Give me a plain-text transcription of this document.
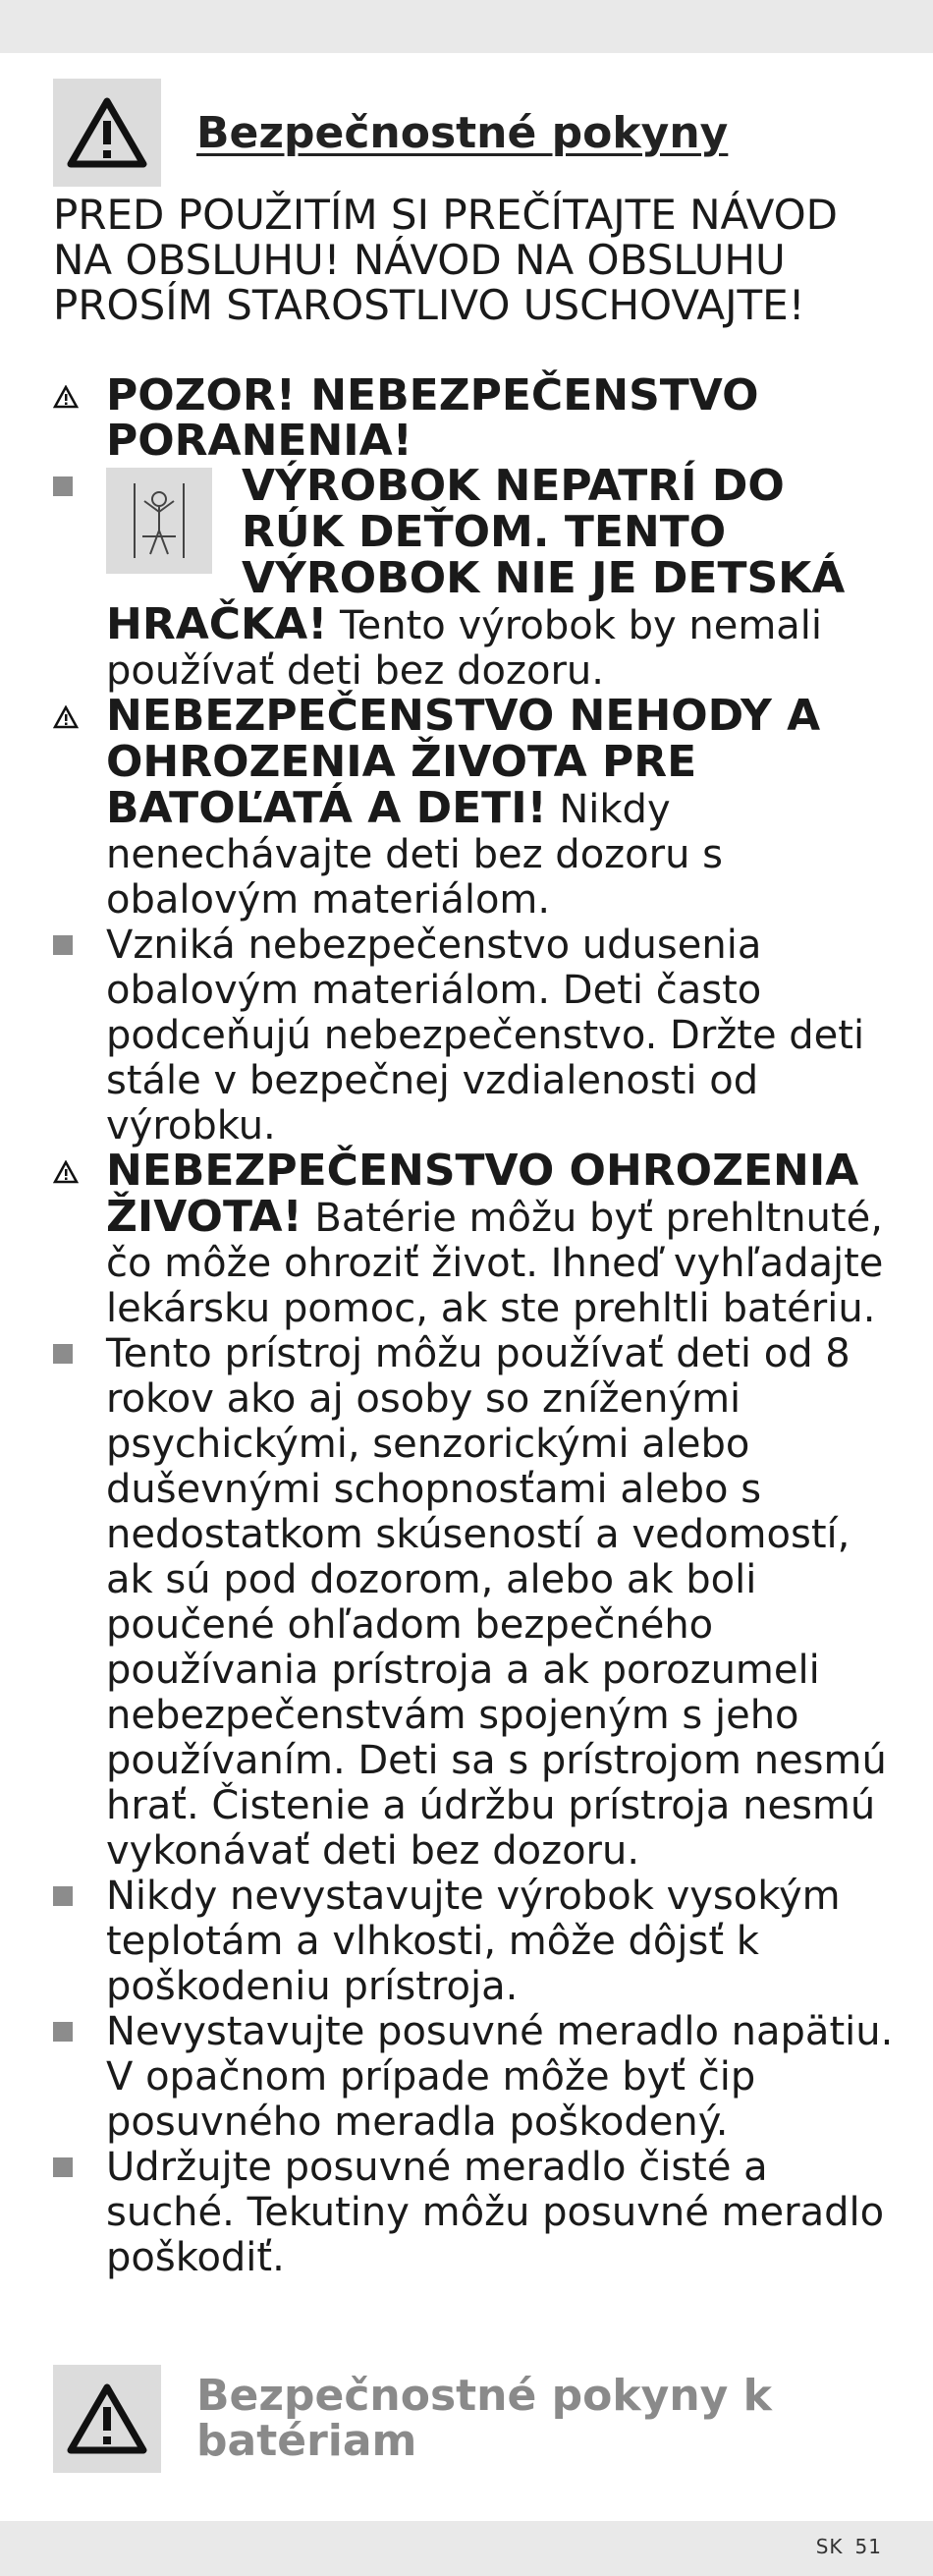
Bezpečnostné pokyny
PRED POUŽITÍM SI PREČÍTAJTE NÁVOD NA OBSLUHU! NÁVOD NA OBSLUHU PROSÍM STAROSTLIVO USCHOVAJTE!
POZOR! NEBEZPEČENSTVO PORANENIA!
VÝROBOK NEPATRÍ DO RÚK DEŤOM. TENTO VÝROBOK NIE JE DETSKÁ HRAČKA! Tento výrobok by nemali používať deti bez dozoru.
NEBEZPEČENSTVO NEHODY A OHROZENIA ŽIVOTA PRE BATOĽATÁ A DETI! Nikdy nenechávajte deti bez dozoru s obalovým materiálom.
Vzniká nebezpečenstvo udusenia obalovým materiálom. Deti často podceňujú nebezpečenstvo. Držte deti stále v bezpečnej vzdialenosti od výrobku.
NEBEZPEČENSTVO OHROZENIA ŽIVOTA! Batérie môžu byť prehltnuté, čo môže ohroziť život. Ihneď vyhľadajte lekársku pomoc, ak ste prehltli batériu.
Tento prístroj môžu používať deti od 8 rokov ako aj osoby so zníženými psychickými, senzorickými alebo duševnými schopnosťami alebo s nedostatkom skúseností a vedomostí, ak sú pod dozorom, alebo ak boli poučené ohľadom bezpečného používania prístroja a ak porozumeli nebezpečenstvám spojeným s jeho používaním. Deti sa s prístrojom nesmú hrať. Čistenie a údržbu prístroja nesmú vykonávať deti bez dozoru.
Nikdy nevystavujte výrobok vysokým teplotám a vlhkosti, môže dôjsť k poškodeniu prístroja.
Nevystavujte posuvné meradlo napätiu. V opačnom prípade môže byť čip posuvného meradla poškodený.
Udržujte posuvné meradlo čisté a suché. Tekutiny môžu posuvné meradlo poškodiť.
Bezpečnostné pokyny k batériam
SK 51
